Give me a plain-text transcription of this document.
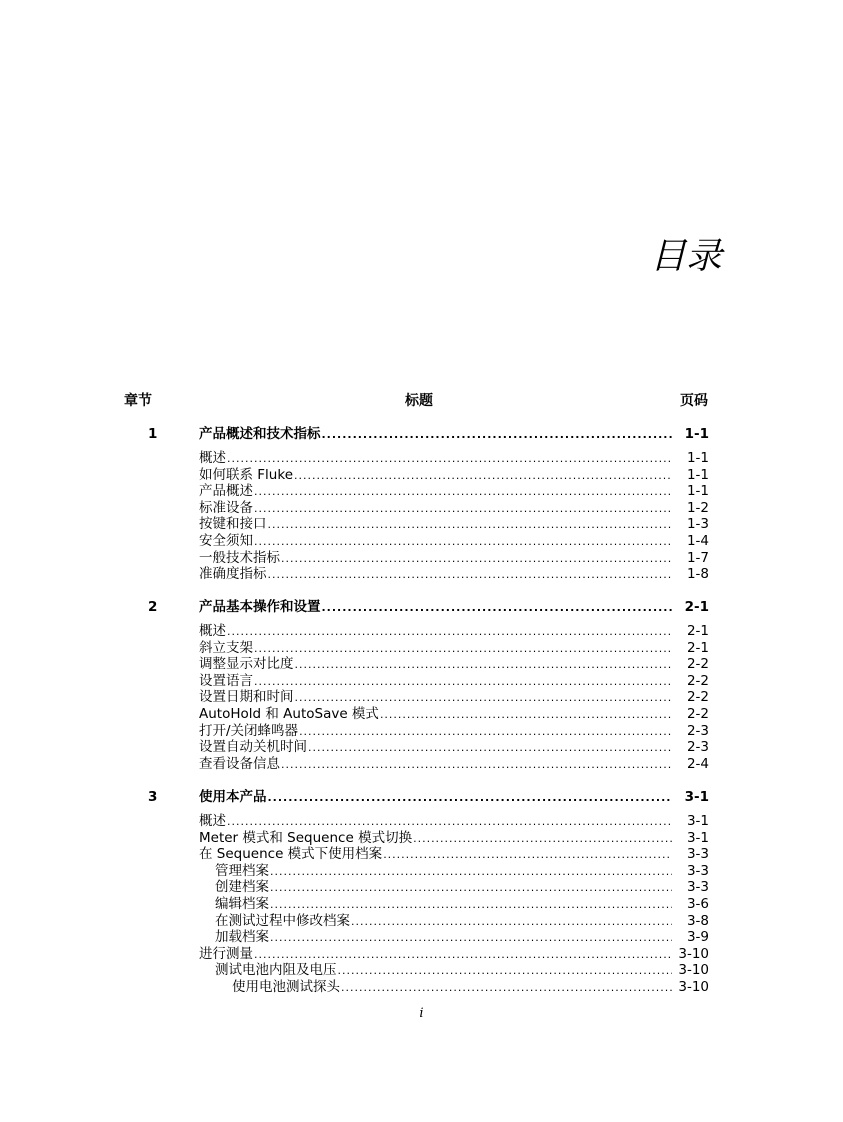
目录
章节	标题	页码
1	产品概述和技术指标 .....	1-1
概述 .....	1-1
如何联系 Fluke .....	1-1
产品概述 .....	1-1
标准设备 .....	1-2
按键和接口 .....	1-3
安全须知 .....	1-4
一般技术指标 .....	1-7
准确度指标 .....	1-8
2	产品基本操作和设置 .....	2-1
概述 .....	2-1
斜立支架 .....	2-1
调整显示对比度 .....	2-2
设置语言 .....	2-2
设置日期和时间 .....	2-2
AutoHold 和 AutoSave 模式 .....	2-2
打开/关闭蜂鸣器 .....	2-3
设置自动关机时间 .....	2-3
查看设备信息 .....	2-4
3	使用本产品 .....	3-1
概述 .....	3-1
Meter 模式和 Sequence 模式切换 .....	3-1
在 Sequence 模式下使用档案 .....	3-3
管理档案 .....	3-3
创建档案 .....	3-3
编辑档案 .....	3-6
在测试过程中修改档案 .....	3-8
加载档案 .....	3-9
进行测量 .....	3-10
测试电池内阻及电压 .....	3-10
使用电池测试探头 .....	3-10
i
